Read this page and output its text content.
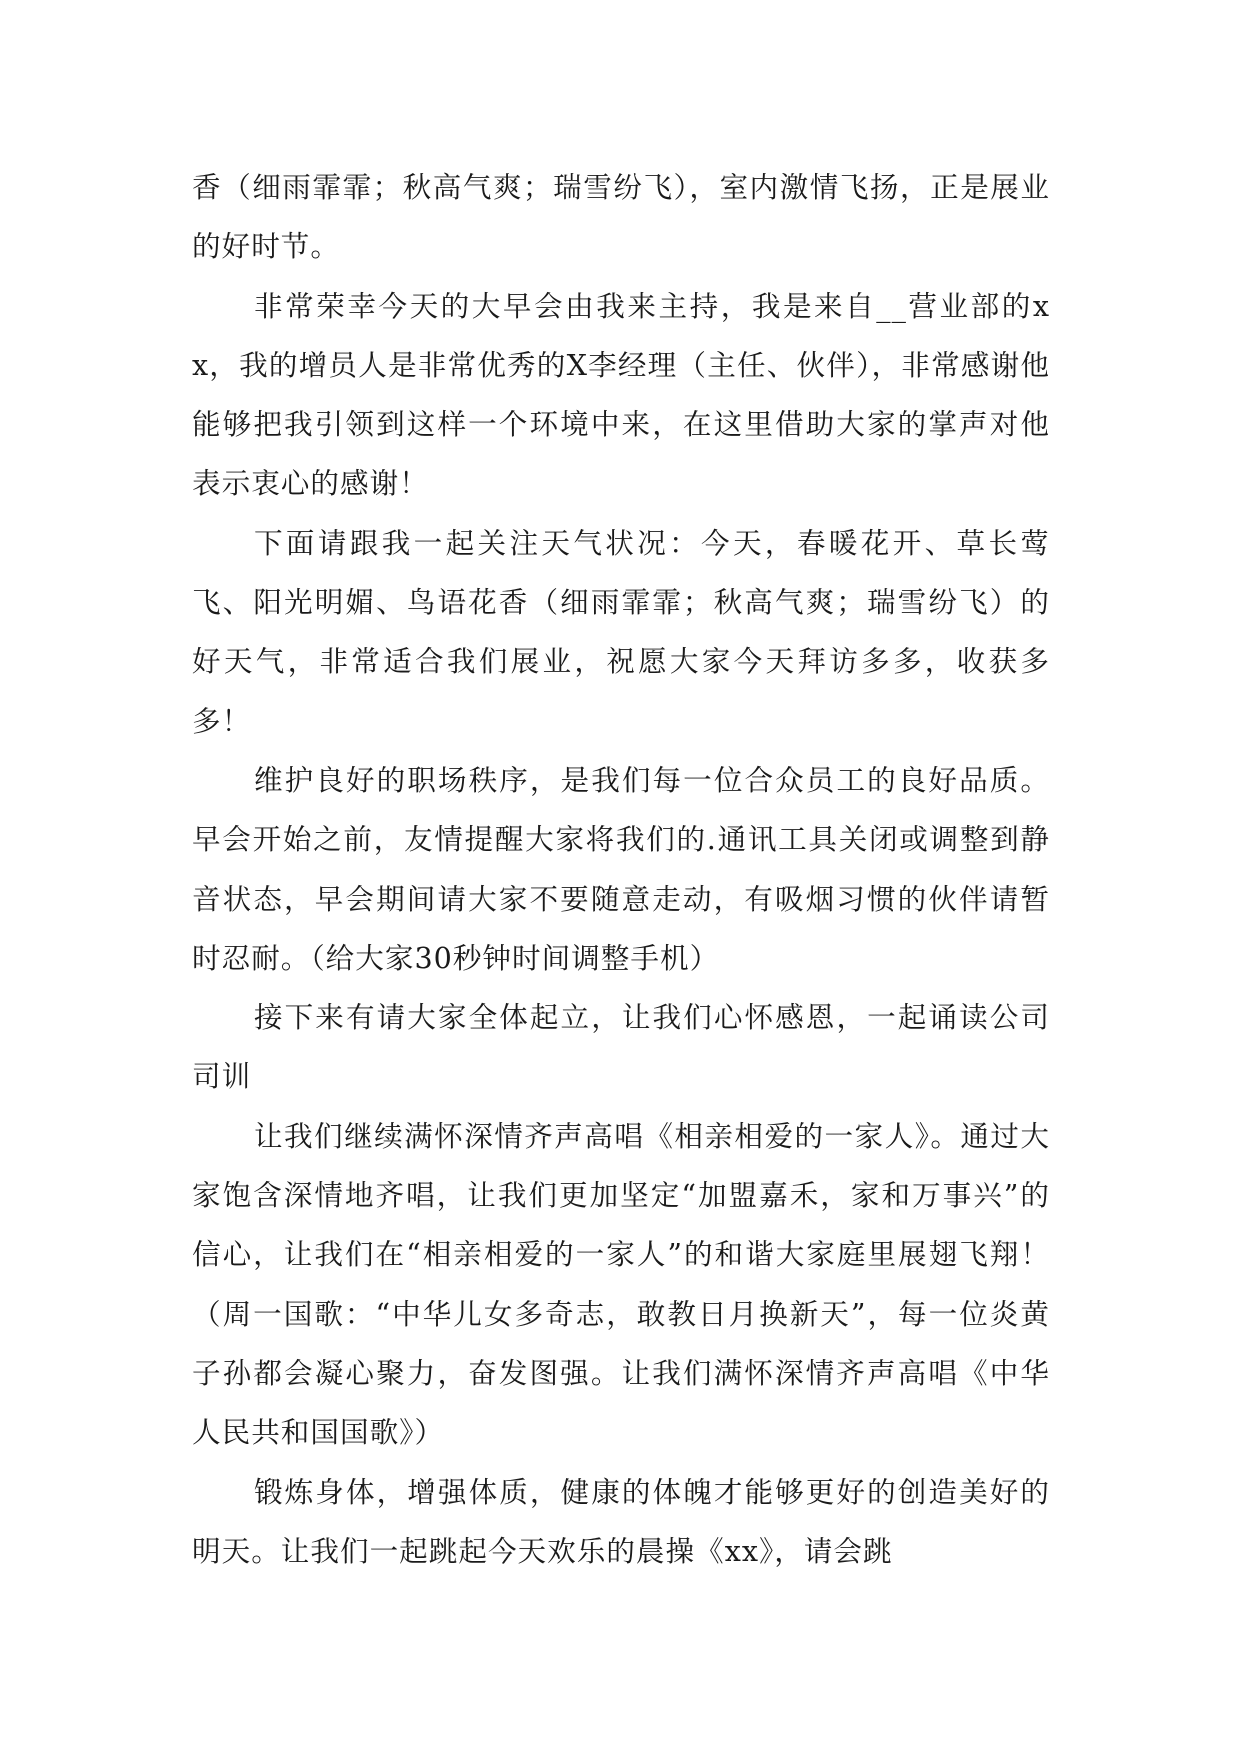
香（细雨霏霏；秋高气爽；瑞雪纷飞），室内激情飞扬，正是展业的好时节。

非常荣幸今天的大早会由我来主持，我是来自__营业部的xx，我的增员人是非常优秀的X李经理（主任、伙伴），非常感谢他能够把我引领到这样一个环境中来，在这里借助大家的掌声对他表示衷心的感谢！

下面请跟我一起关注天气状况：今天，春暖花开、草长莺飞、阳光明媚、鸟语花香（细雨霏霏；秋高气爽；瑞雪纷飞）的好天气，非常适合我们展业，祝愿大家今天拜访多多，收获多多！

维护良好的职场秩序，是我们每一位合众员工的良好品质。早会开始之前，友情提醒大家将我们的.通讯工具关闭或调整到静音状态，早会期间请大家不要随意走动，有吸烟习惯的伙伴请暂时忍耐。（给大家30秒钟时间调整手机）

接下来有请大家全体起立，让我们心怀感恩，一起诵读公司司训

让我们继续满怀深情齐声高唱《相亲相爱的一家人》。通过大家饱含深情地齐唱，让我们更加坚定“加盟嘉禾，家和万事兴”的信心，让我们在“相亲相爱的一家人”的和谐大家庭里展翅飞翔！（周一国歌：“中华儿女多奇志，敢教日月换新天”，每一位炎黄子孙都会凝心聚力，奋发图强。让我们满怀深情齐声高唱《中华人民共和国国歌》）

锻炼身体，增强体质，健康的体魄才能够更好的创造美好的明天。让我们一起跳起今天欢乐的晨操《xx》，请会跳
